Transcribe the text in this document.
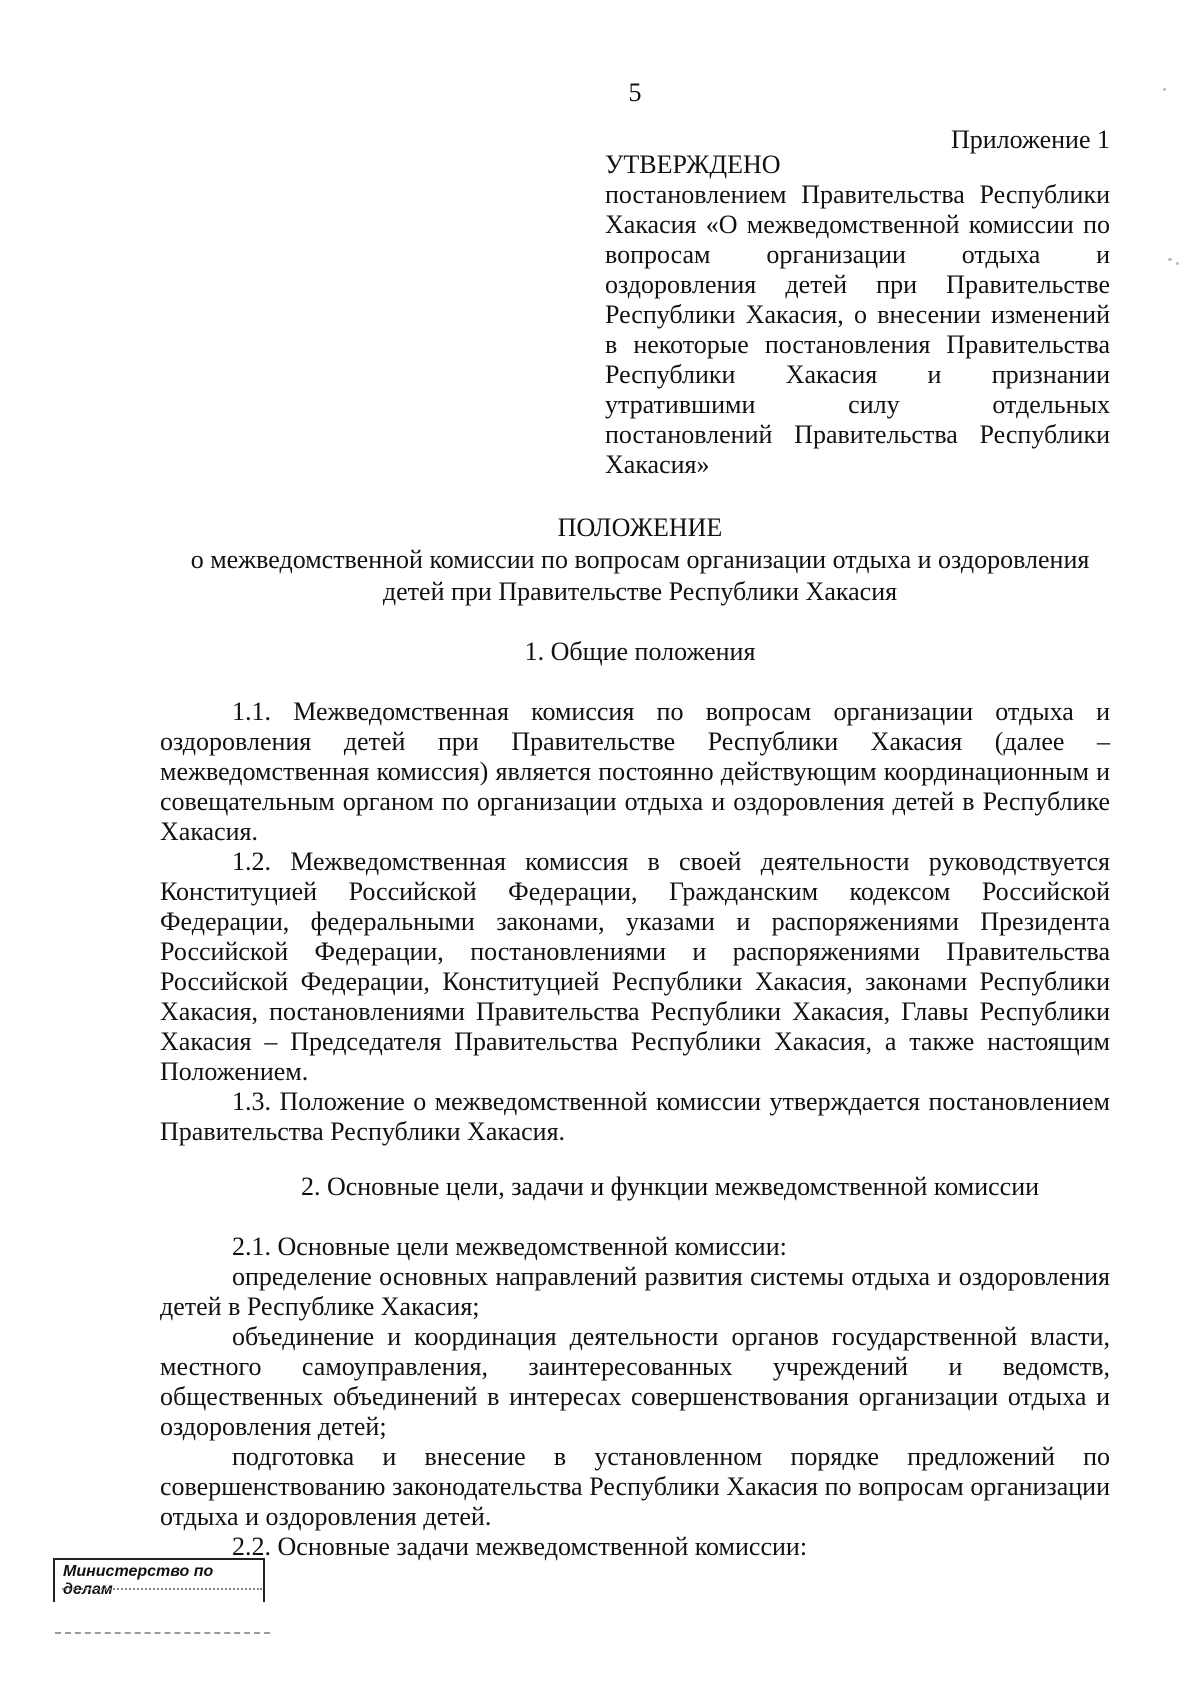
5
Приложение 1
УТВЕРЖДЕНО
постановлением Правительства Республики Хакасия «О межведомственной комиссии по вопросам организации отдыха и оздоровления детей при Правительстве Республики Хакасия, о внесении изменений в некоторые постановления Правительства Республики Хакасия и признании утратившими силу отдельных постановлений Правительства Республики Хакасия»
ПОЛОЖЕНИЕ
о межведомственной комиссии по вопросам организации отдыха и оздоровления
детей при Правительстве Республики Хакасия
1. Общие положения

1.1. Межведомственная комиссия по вопросам организации отдыха и оздоровления детей при Правительстве Республики Хакасия (далее – межведомственная комиссия) является постоянно действующим координационным и совещательным органом по организации отдыха и оздоровления детей в Республике Хакасия.

1.2. Межведомственная комиссия в своей деятельности руководствуется Конституцией Российской Федерации, Гражданским кодексом Российской Федерации, федеральными законами, указами и распоряжениями Президента Российской Федерации, постановлениями и распоряжениями Правительства Российской Федерации, Конституцией Республики Хакасия, законами Республики Хакасия, постановлениями Правительства Республики Хакасия, Главы Республики Хакасия – Председателя Правительства Республики Хакасия, а также настоящим Положением.

1.3. Положение о межведомственной комиссии утверждается постановлением Правительства Республики Хакасия.

2. Основные цели, задачи и функции межведомственной комиссии

2.1. Основные цели межведомственной комиссии:

определение основных направлений развития системы отдыха и оздоровления детей в Республике Хакасия;

объединение и координация деятельности органов государственной власти, местного самоуправления, заинтересованных учреждений и ведомств, общественных объединений в интересах совершенствования организации отдыха и оздоровления детей;

подготовка и внесение в установленном порядке предложений по совершенствованию законодательства Республики Хакасия по вопросам организации отдыха и оздоровления детей.

2.2. Основные задачи межведомственной комиссии:

Министерство по делам
